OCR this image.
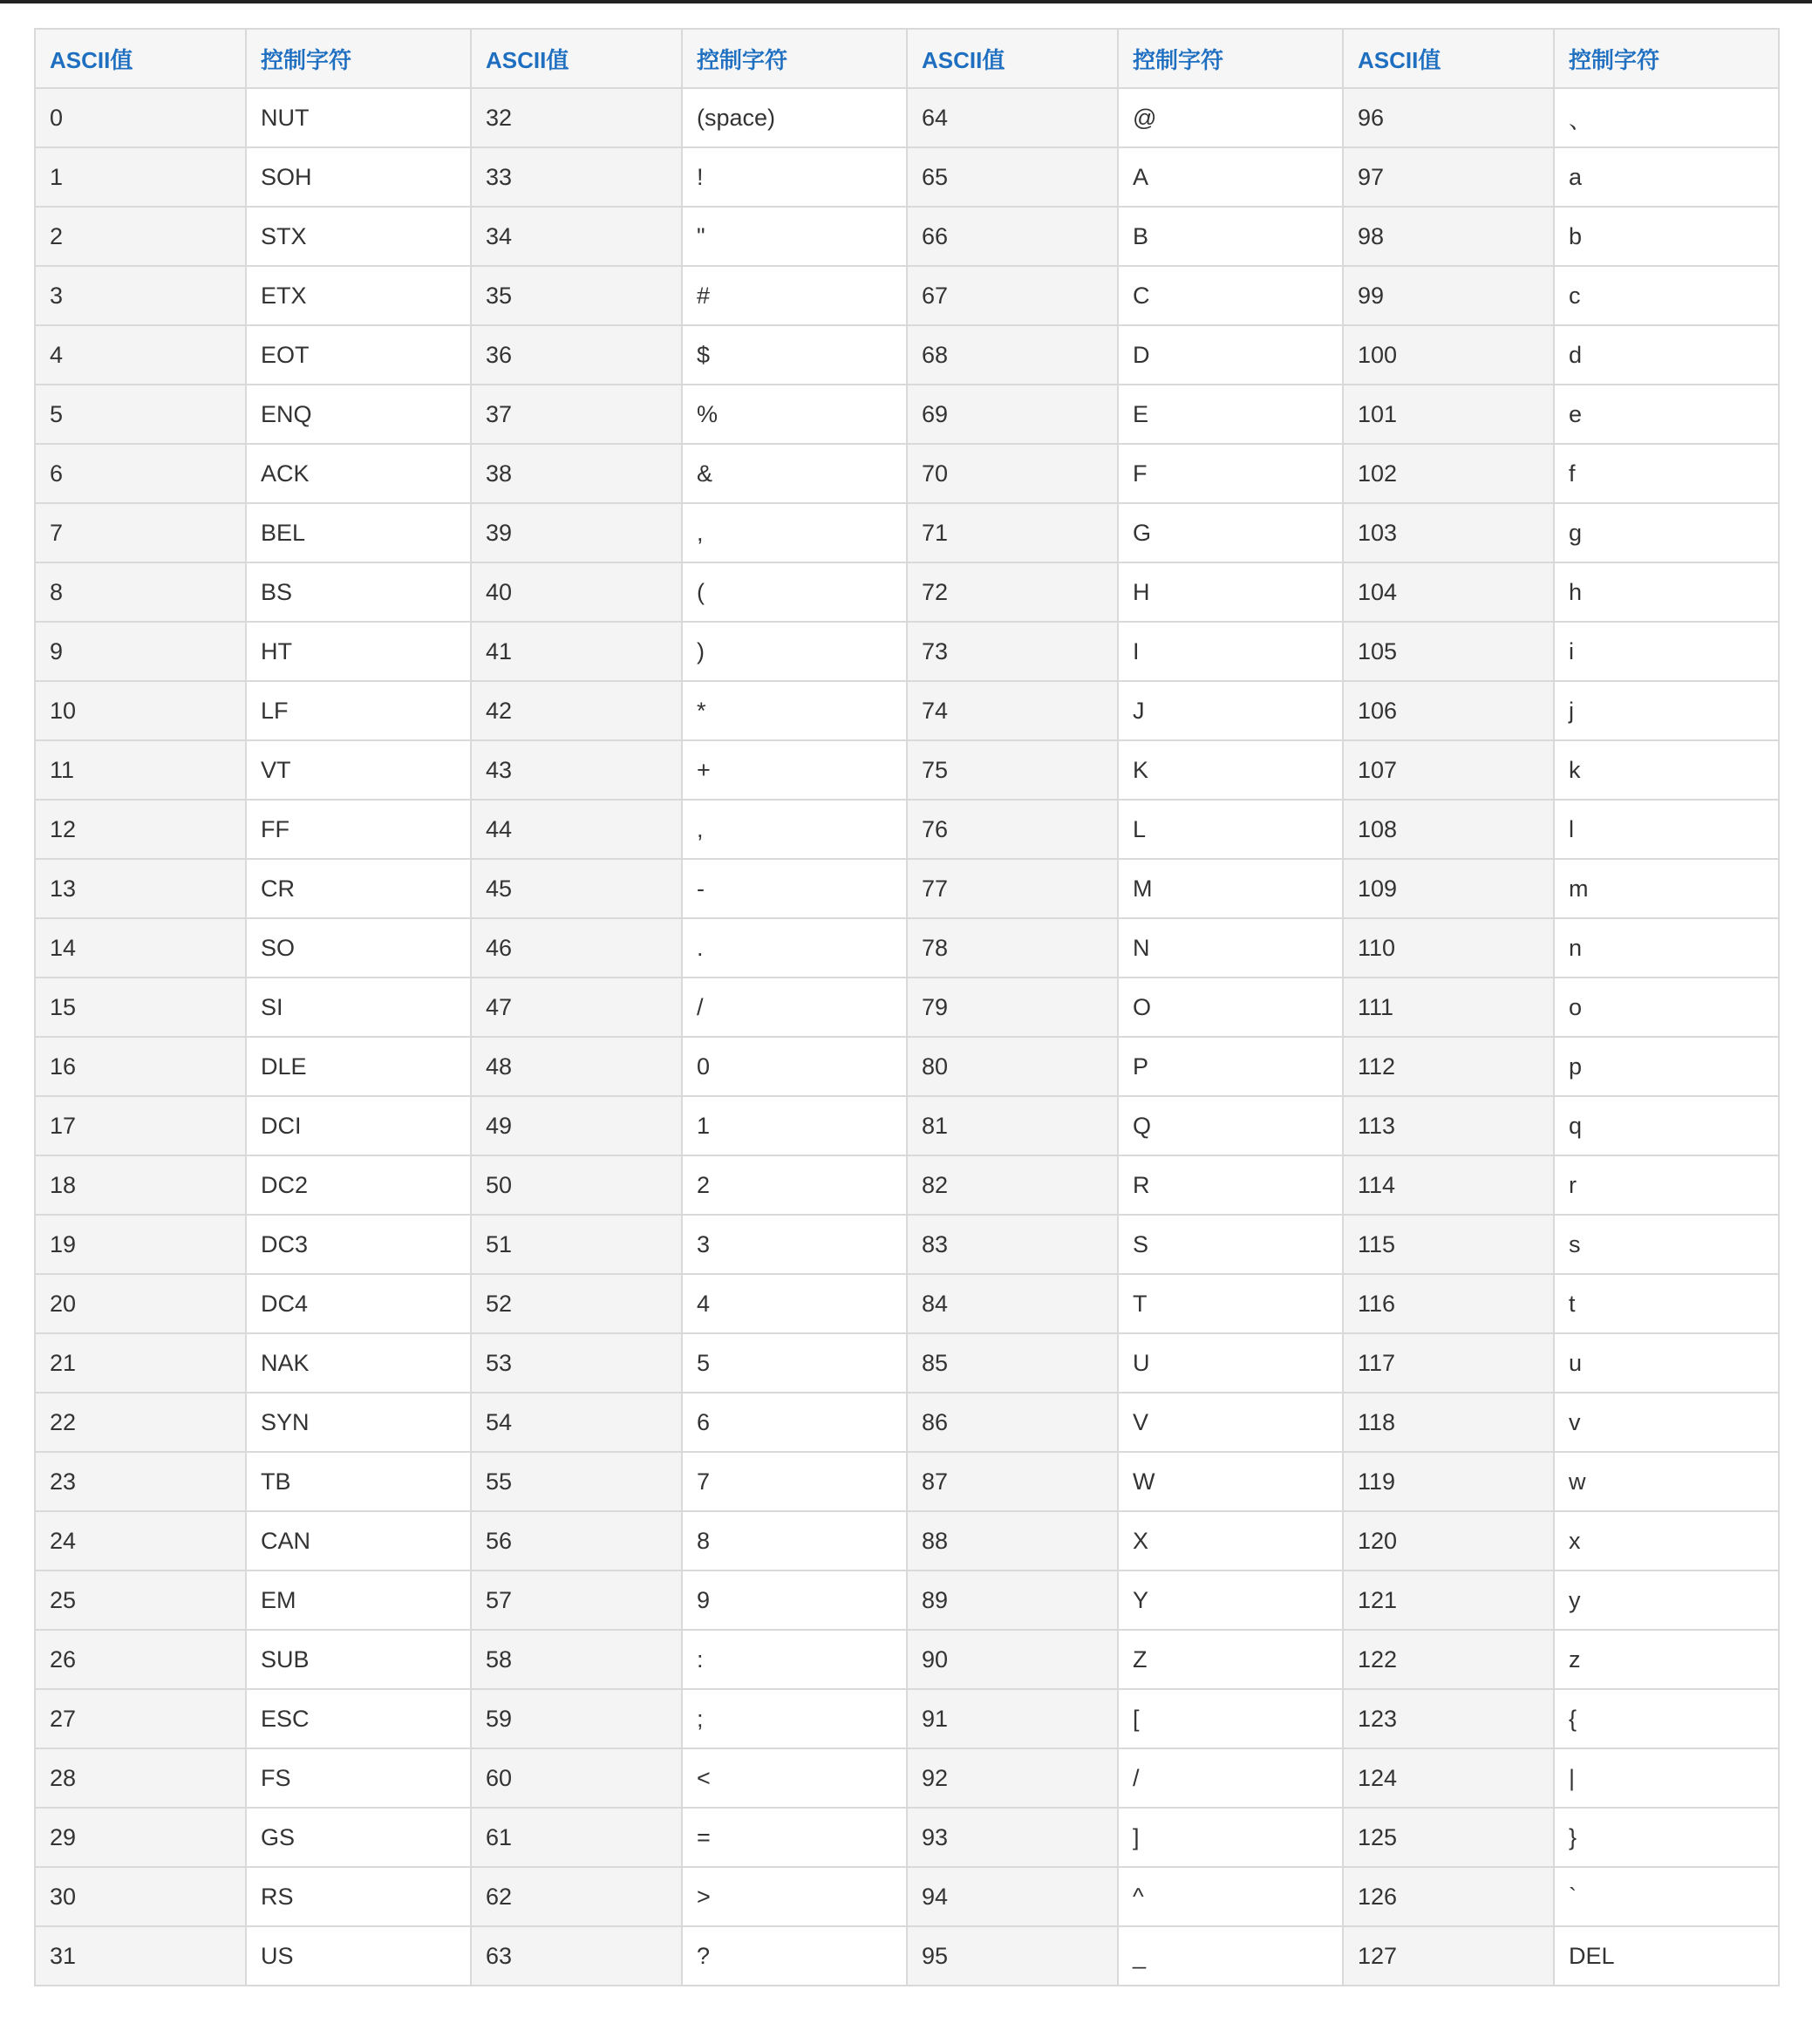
ASCII值	控制字符	ASCII值	控制字符	ASCII值	控制字符	ASCII值	控制字符
0	NUT	32	(space)	64	@	96	、
1	SOH	33	!	65	A	97	a
2	STX	34	"	66	B	98	b
3	ETX	35	#	67	C	99	c
4	EOT	36	$	68	D	100	d
5	ENQ	37	%	69	E	101	e
6	ACK	38	&	70	F	102	f
7	BEL	39	,	71	G	103	g
8	BS	40	(	72	H	104	h
9	HT	41	)	73	I	105	i
10	LF	42	*	74	J	106	j
11	VT	43	+	75	K	107	k
12	FF	44	,	76	L	108	l
13	CR	45	-	77	M	109	m
14	SO	46	.	78	N	110	n
15	SI	47	/	79	O	111	o
16	DLE	48	0	80	P	112	p
17	DCI	49	1	81	Q	113	q
18	DC2	50	2	82	R	114	r
19	DC3	51	3	83	S	115	s
20	DC4	52	4	84	T	116	t
21	NAK	53	5	85	U	117	u
22	SYN	54	6	86	V	118	v
23	TB	55	7	87	W	119	w
24	CAN	56	8	88	X	120	x
25	EM	57	9	89	Y	121	y
26	SUB	58	:	90	Z	122	z
27	ESC	59	;	91	[	123	{
28	FS	60	<	92	/	124	|
29	GS	61	=	93	]	125	}
30	RS	62	>	94	^	126	`
31	US	63	?	95	_	127	DEL
